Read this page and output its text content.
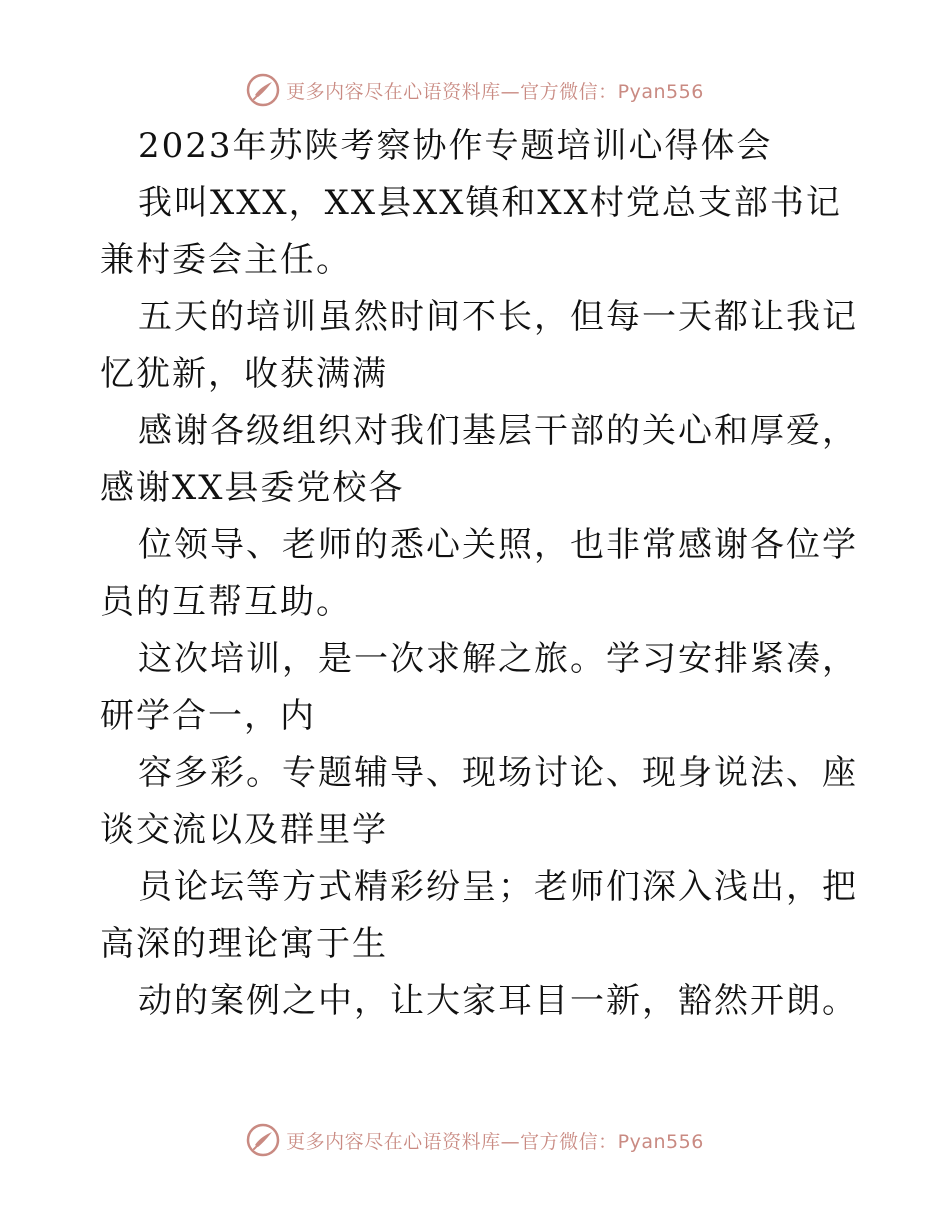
更多内容尽在心语资料库—官方微信：Pyan556

2023年苏陕考察协作专题培训心得体会

我叫XXX，XX县XX镇和XX村党总支部书记兼村委会主任。

五天的培训虽然时间不长，但每一天都让我记忆犹新，收获满满

感谢各级组织对我们基层干部的关心和厚爱，感谢XX县委党校各

位领导、老师的悉心关照，也非常感谢各位学员的互帮互助。

这次培训，是一次求解之旅。学习安排紧凑，研学合一，内

容多彩。专题辅导、现场讨论、现身说法、座谈交流以及群里学

员论坛等方式精彩纷呈；老师们深入浅出，把高深的理论寓于生

动的案例之中，让大家耳目一新，豁然开朗。

更多内容尽在心语资料库—官方微信：Pyan556
